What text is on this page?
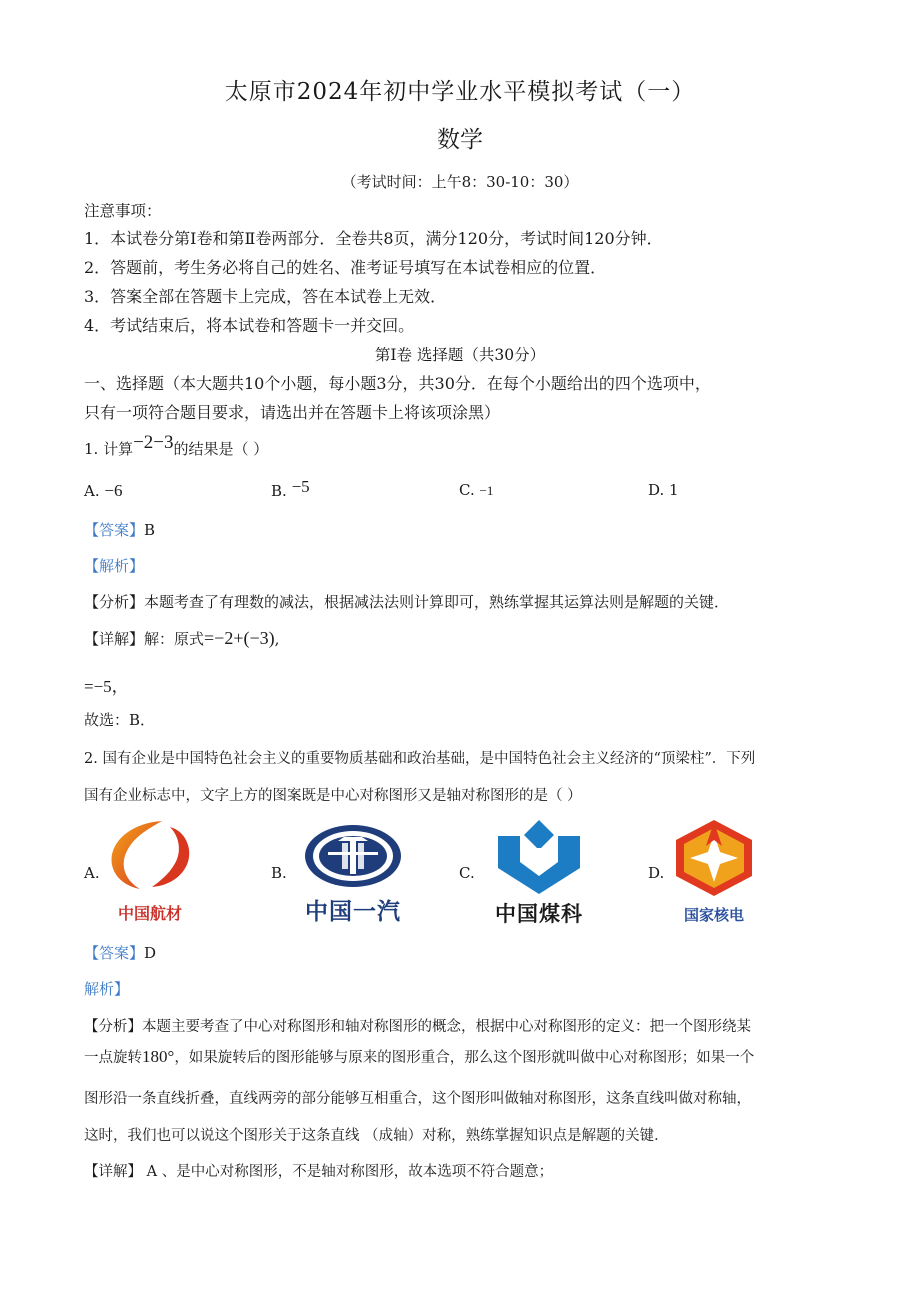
太原市2024年初中学业水平模拟考试（一）
数学
（考试时间：上午8：30-10：30）
注意事项：
1．本试卷分第Ⅰ卷和第Ⅱ卷两部分．全卷共8页，满分120分，考试时间120分钟．
2．答题前，考生务必将自己的姓名、准考证号填写在本试卷相应的位置．
3．答案全部在答题卡上完成，答在本试卷上无效．
4．考试结束后，将本试卷和答题卡一并交回。
第Ⅰ卷 选择题（共30分）
一、选择题（本大题共10个小题，每小题3分，共30分．在每个小题给出的四个选项中，
只有一项符合题目要求，请选出并在答题卡上将该项涂黑）
1. 计算−2−3的结果是（ ）
A. −6	B. −5	C. −1	D. 1
【答案】B
【解析】
【分析】本题考查了有理数的减法，根据减法法则计算即可，熟练掌握其运算法则是解题的关键．
【详解】解：原式=−2+(−3),
=−5，
故选：B．
2. 国有企业是中国特色社会主义的重要物质基础和政治基础，是中国特色社会主义经济的“顶梁柱”．下列
国有企业标志中，文字上方的图案既是中心对称图形又是轴对称图形的是（ ）
A.
中国航材
B.
中国一汽
C.
中国煤科
D.
国家核电
【答案】D
解析】
【分析】本题主要考查了中心对称图形和轴对称图形的概念，根据中心对称图形的定义：把一个图形绕某
一点旋转180°，如果旋转后的图形能够与原来的图形重合，那么这个图形就叫做中心对称图形；如果一个
图形沿一条直线折叠，直线两旁的部分能够互相重合，这个图形叫做轴对称图形，这条直线叫做对称轴，
这时，我们也可以说这个图形关于这条直线 （成轴）对称，熟练掌握知识点是解题的关键．
【详解】 A 、是中心对称图形，不是轴对称图形，故本选项不符合题意；
